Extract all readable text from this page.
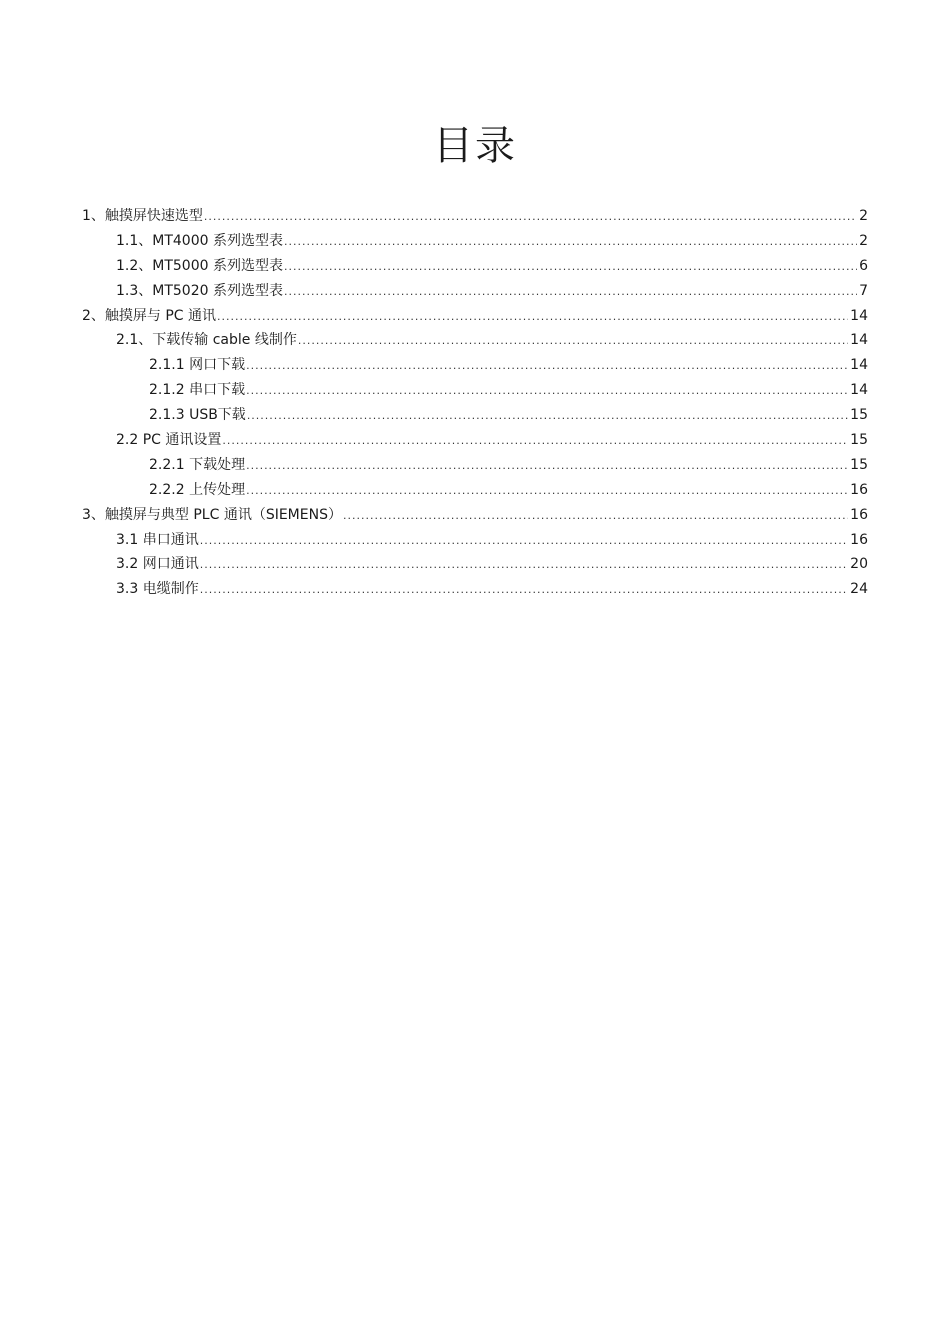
目录
1、触摸屏快速选型 .....	2
1.1、MT4000 系列选型表 .....	2
1.2、MT5000 系列选型表 .....	6
1.3、MT5020 系列选型表 .....	7
2、触摸屏与 PC 通讯 .....	14
2.1、下载传输 cable 线制作 .....	14
2.1.1 网口下载 .....	14
2.1.2 串口下载 .....	14
2.1.3 USB下载 .....	15
2.2 PC 通讯设置 .....	15
2.2.1 下载处理 .....	15
2.2.2 上传处理 .....	16
3、触摸屏与典型 PLC 通讯（SIEMENS） .....	16
3.1 串口通讯 .....	16
3.2 网口通讯 .....	20
3.3 电缆制作 .....	24
